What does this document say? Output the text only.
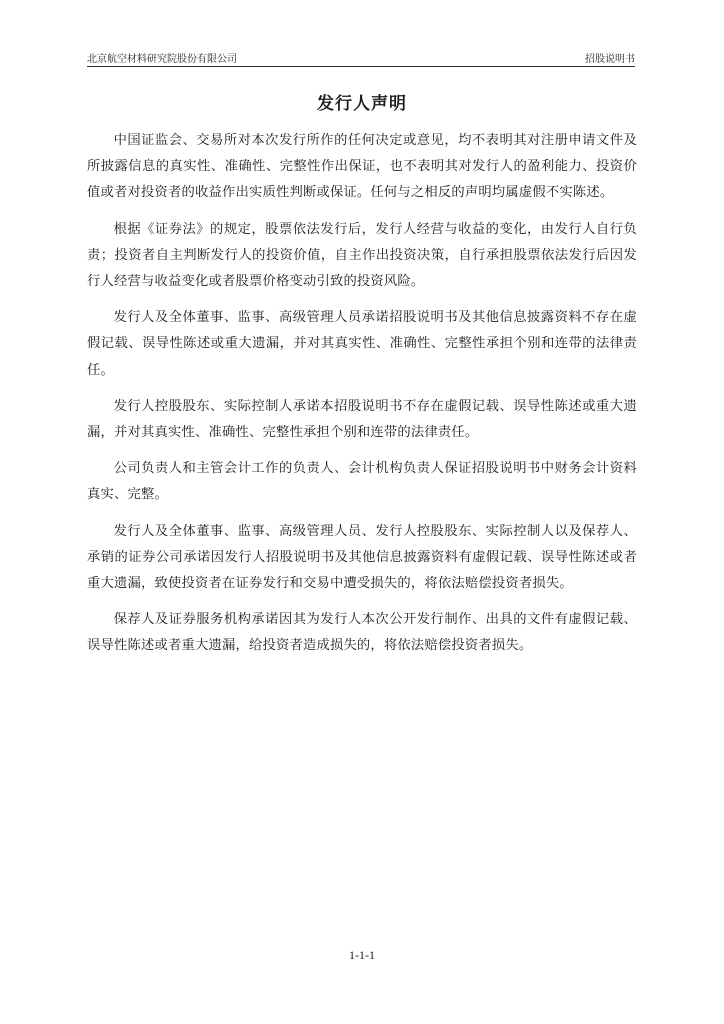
北京航空材料研究院股份有限公司	招股说明书
发行人声明

中国证监会、交易所对本次发行所作的任何决定或意见，均不表明其对注册申请文件及所披露信息的真实性、准确性、完整性作出保证，也不表明其对发行人的盈利能力、投资价值或者对投资者的收益作出实质性判断或保证。任何与之相反的声明均属虚假不实陈述。

根据《证券法》的规定，股票依法发行后，发行人经营与收益的变化，由发行人自行负责；投资者自主判断发行人的投资价值，自主作出投资决策，自行承担股票依法发行后因发行人经营与收益变化或者股票价格变动引致的投资风险。

发行人及全体董事、监事、高级管理人员承诺招股说明书及其他信息披露资料不存在虚假记载、误导性陈述或重大遗漏，并对其真实性、准确性、完整性承担个别和连带的法律责任。

发行人控股股东、实际控制人承诺本招股说明书不存在虚假记载、误导性陈述或重大遗漏，并对其真实性、准确性、完整性承担个别和连带的法律责任。

公司负责人和主管会计工作的负责人、会计机构负责人保证招股说明书中财务会计资料真实、完整。

发行人及全体董事、监事、高级管理人员、发行人控股股东、实际控制人以及保荐人、承销的证券公司承诺因发行人招股说明书及其他信息披露资料有虚假记载、误导性陈述或者重大遗漏，致使投资者在证券发行和交易中遭受损失的，将依法赔偿投资者损失。

保荐人及证券服务机构承诺因其为发行人本次公开发行制作、出具的文件有虚假记载、误导性陈述或者重大遗漏，给投资者造成损失的，将依法赔偿投资者损失。

1-1-1
